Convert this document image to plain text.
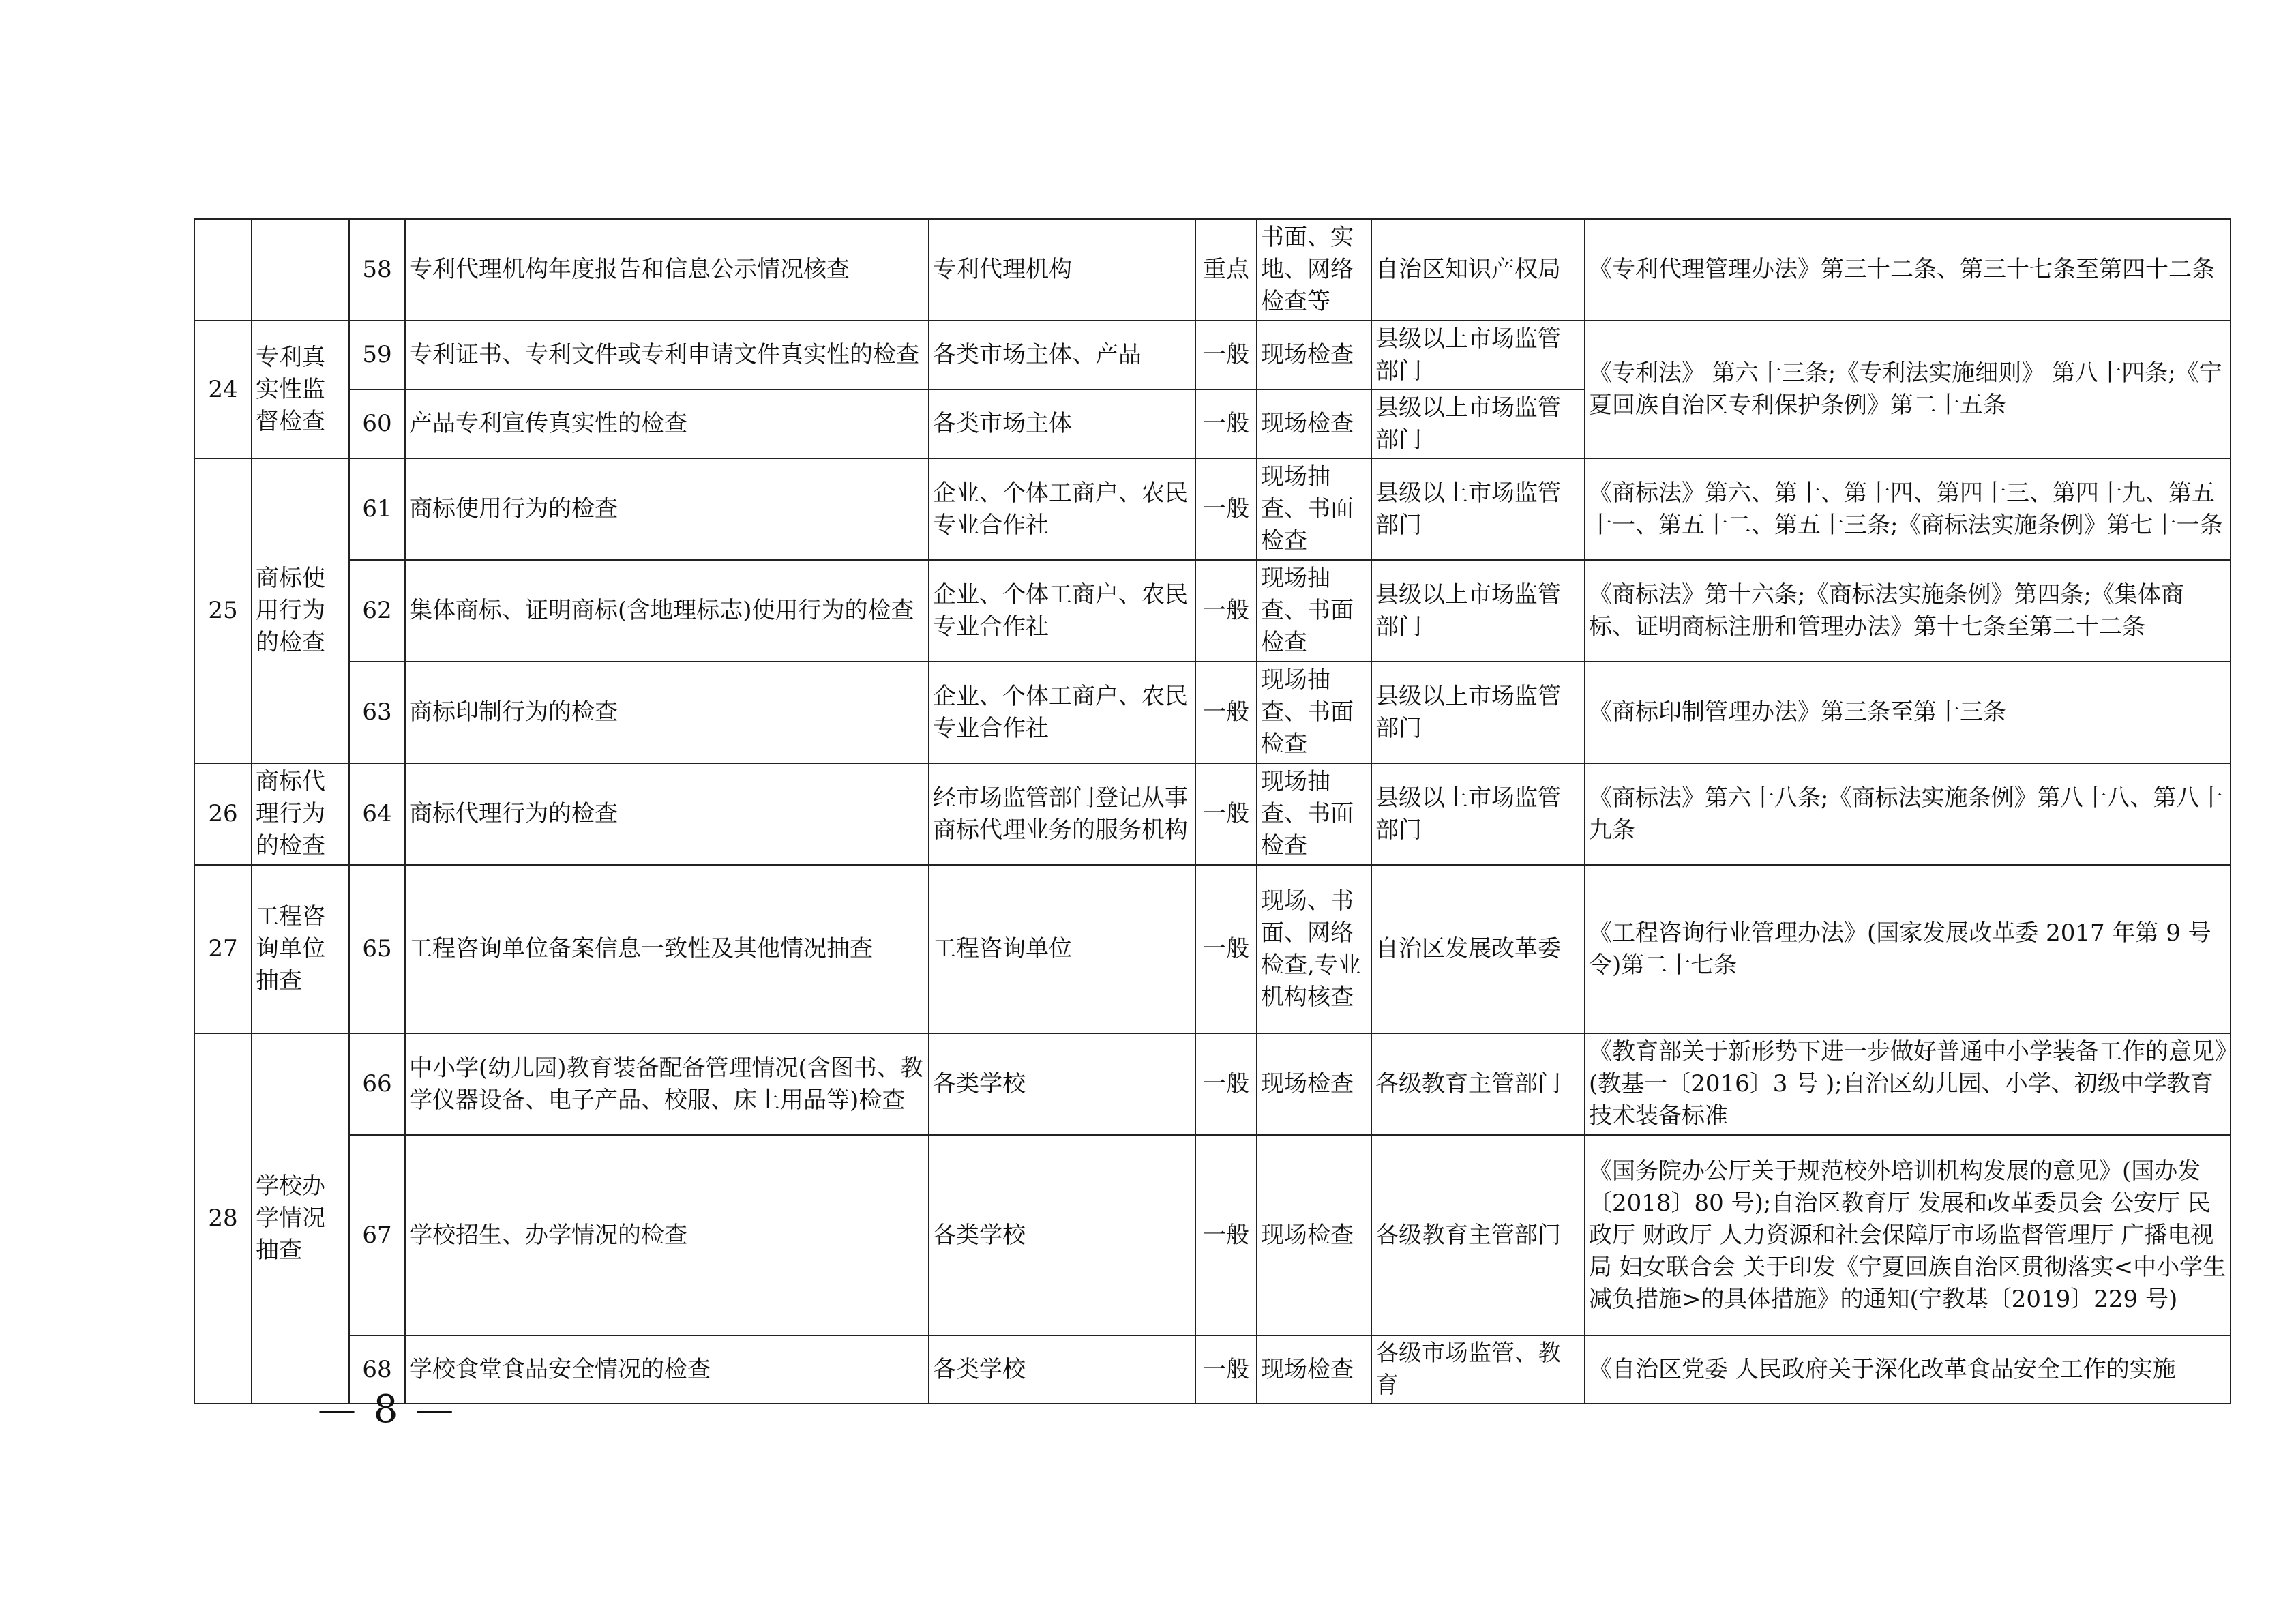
		58	专利代理机构年度报告和信息公示情况核查	专利代理机构	重点	书面、实地、网络检查等	自治区知识产权局	《专利代理管理办法》第三十二条、第三十七条至第四十二条
24	专利真实性监督检查	59	专利证书、专利文件或专利申请文件真实性的检查	各类市场主体、产品	一般	现场检查	县级以上市场监管部门	《专利法》 第六十三条;《专利法实施细则》 第八十四条;《宁夏回族自治区专利保护条例》第二十五条
		60	产品专利宣传真实性的检查	各类市场主体	一般	现场检查	县级以上市场监管部门	
25	商标使用行为的检查	61	商标使用行为的检查	企业、个体工商户、农民专业合作社	一般	现场抽查、书面检查	县级以上市场监管部门	《商标法》第六、第十、第十四、第四十三、第四十九、第五十一、第五十二、第五十三条;《商标法实施条例》第七十一条
		62	集体商标、证明商标(含地理标志)使用行为的检查	企业、个体工商户、农民专业合作社	一般	现场抽查、书面检查	县级以上市场监管部门	《商标法》第十六条;《商标法实施条例》第四条;《集体商标、证明商标注册和管理办法》第十七条至第二十二条
		63	商标印制行为的检查	企业、个体工商户、农民专业合作社	一般	现场抽查、书面检查	县级以上市场监管部门	《商标印制管理办法》第三条至第十三条
26	商标代理行为的检查	64	商标代理行为的检查	经市场监管部门登记从事商标代理业务的服务机构	一般	现场抽查、书面检查	县级以上市场监管部门	《商标法》第六十八条;《商标法实施条例》第八十八、第八十九条
27	工程咨询单位抽查	65	工程咨询单位备案信息一致性及其他情况抽查	工程咨询单位	一般	现场、书面、网络检查,专业机构核查	自治区发展改革委	《工程咨询行业管理办法》(国家发展改革委 2017 年第 9 号令)第二十七条
28	学校办学情况抽查	66	中小学(幼儿园)教育装备配备管理情况(含图书、教学仪器设备、电子产品、校服、床上用品等)检查	各类学校	一般	现场检查	各级教育主管部门	《教育部关于新形势下进一步做好普通中小学装备工作的意见》(教基一〔2016〕3 号 );自治区幼儿园、小学、初级中学教育技术装备标准
		67	学校招生、办学情况的检查	各类学校	一般	现场检查	各级教育主管部门	《国务院办公厅关于规范校外培训机构发展的意见》(国办发〔2018〕80 号);自治区教育厅 发展和改革委员会 公安厅 民政厅 财政厅 人力资源和社会保障厅市场监督管理厅 广播电视局 妇女联合会 关于印发《宁夏回族自治区贯彻落实<中小学生减负措施>的具体措施》的通知(宁教基〔2019〕229 号)
		68	学校食堂食品安全情况的检查	各类学校	一般	现场检查	各级市场监管、教育	《自治区党委 人民政府关于深化改革食品安全工作的实施
— 8 —
